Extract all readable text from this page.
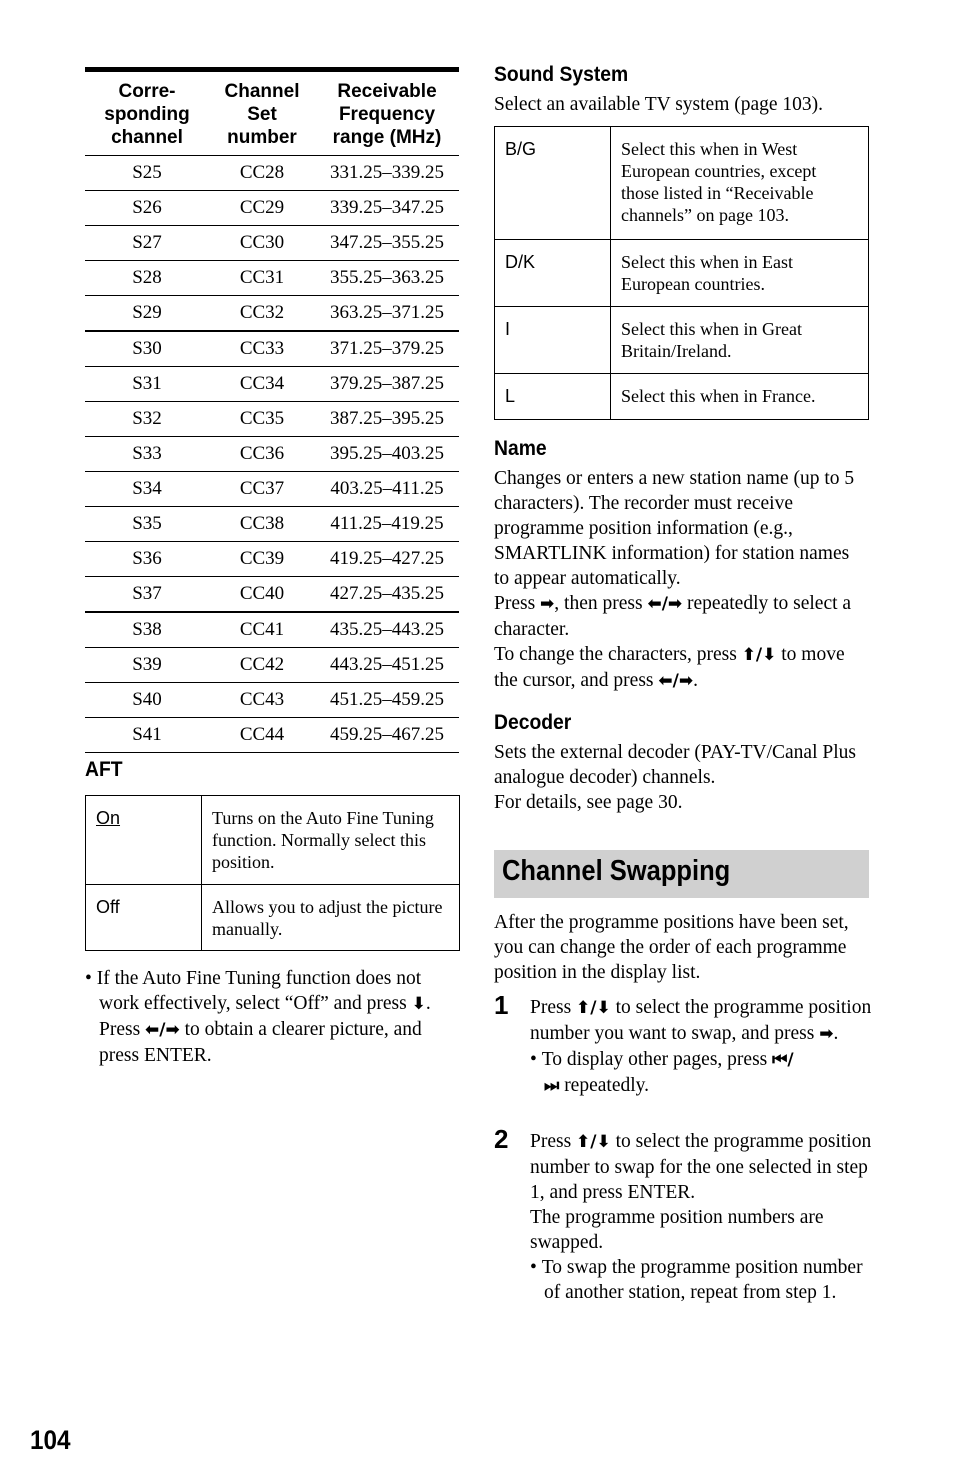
Corre-
sponding
channel	Channel
Set
number	Receivable
Frequency
range (MHz)
S25	CC28	331.25–339.25
S26	CC29	339.25–347.25
S27	CC30	347.25–355.25
S28	CC31	355.25–363.25
S29	CC32	363.25–371.25
S30	CC33	371.25–379.25
S31	CC34	379.25–387.25
S32	CC35	387.25–395.25
S33	CC36	395.25–403.25
S34	CC37	403.25–411.25
S35	CC38	411.25–419.25
S36	CC39	419.25–427.25
S37	CC40	427.25–435.25
S38	CC41	435.25–443.25
S39	CC42	443.25–451.25
S40	CC43	451.25–459.25
S41	CC44	459.25–467.25
AFT
On	Turns on the Auto Fine Tuning function. Normally select this position.
Off	Allows you to adjust the picture manually.
• If the Auto Fine Tuning function does not work effectively, select “Off” and press ⬇. Press ⬅/➡ to obtain a clearer picture, and press ENTER.
Sound System
Select an available TV system (page 103).
B/G	Select this when in West European countries, except those listed in “Receivable channels” on page 103.
D/K	Select this when in East European countries.
I	Select this when in Great Britain/Ireland.
L	Select this when in France.
Name
Changes or enters a new station name (up to 5 characters). The recorder must receive programme position information (e.g., SMARTLINK information) for station names to appear automatically.
Press ➡, then press ⬅/➡ repeatedly to select a character.
To change the characters, press ⬆/⬇ to move the cursor, and press ⬅/➡.
Decoder
Sets the external decoder (PAY-TV/Canal Plus analogue decoder) channels.
For details, see page 30.
Channel Swapping
After the programme positions have been set, you can change the order of each programme position in the display list.
1 Press ⬆/⬇ to select the programme position number you want to swap, and press ➡.
• To display other pages, press ⏮/
⏭ repeatedly.
2 Press ⬆/⬇ to select the programme position number to swap for the one selected in step 1, and press ENTER.
The programme position numbers are swapped.
• To swap the programme position number of another station, repeat from step 1.
104
